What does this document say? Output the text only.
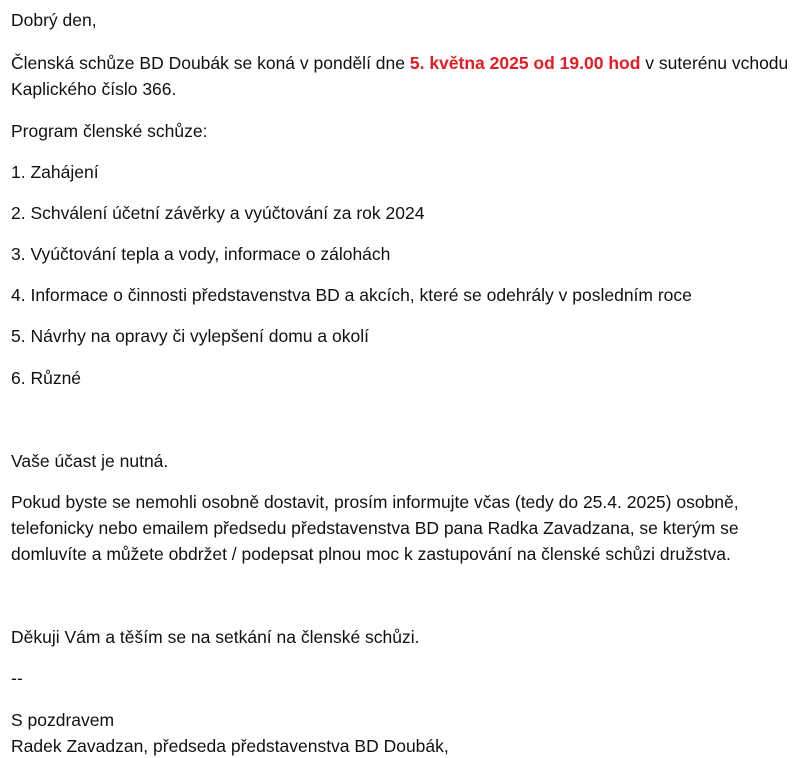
Dobrý den,
Členská schůze BD Doubák se koná v pondělí dne 5. května 2025 od 19.00 hod v suterénu vchodu
Kaplického číslo 366.
Program členské schůze:
1. Zahájení
2. Schválení účetní závěrky a vyúčtování za rok 2024
3. Vyúčtování tepla a vody, informace o zálohách
4. Informace o činnosti představenstva BD a akcích, které se odehrály v posledním roce
5. Návrhy na opravy či vylepšení domu a okolí
6. Různé
Vaše účast je nutná.
Pokud byste se nemohli osobně dostavit, prosím informujte včas (tedy do 25.4. 2025) osobně,
telefonicky nebo emailem předsedu představenstva BD pana Radka Zavadzana, se kterým se
domluvíte a můžete obdržet / podepsat plnou moc k zastupování na členské schůzi družstva.
Děkuji Vám a těším se na setkání na členské schůzi.
--
S pozdravem
Radek Zavadzan, předseda představenstva BD Doubák,
